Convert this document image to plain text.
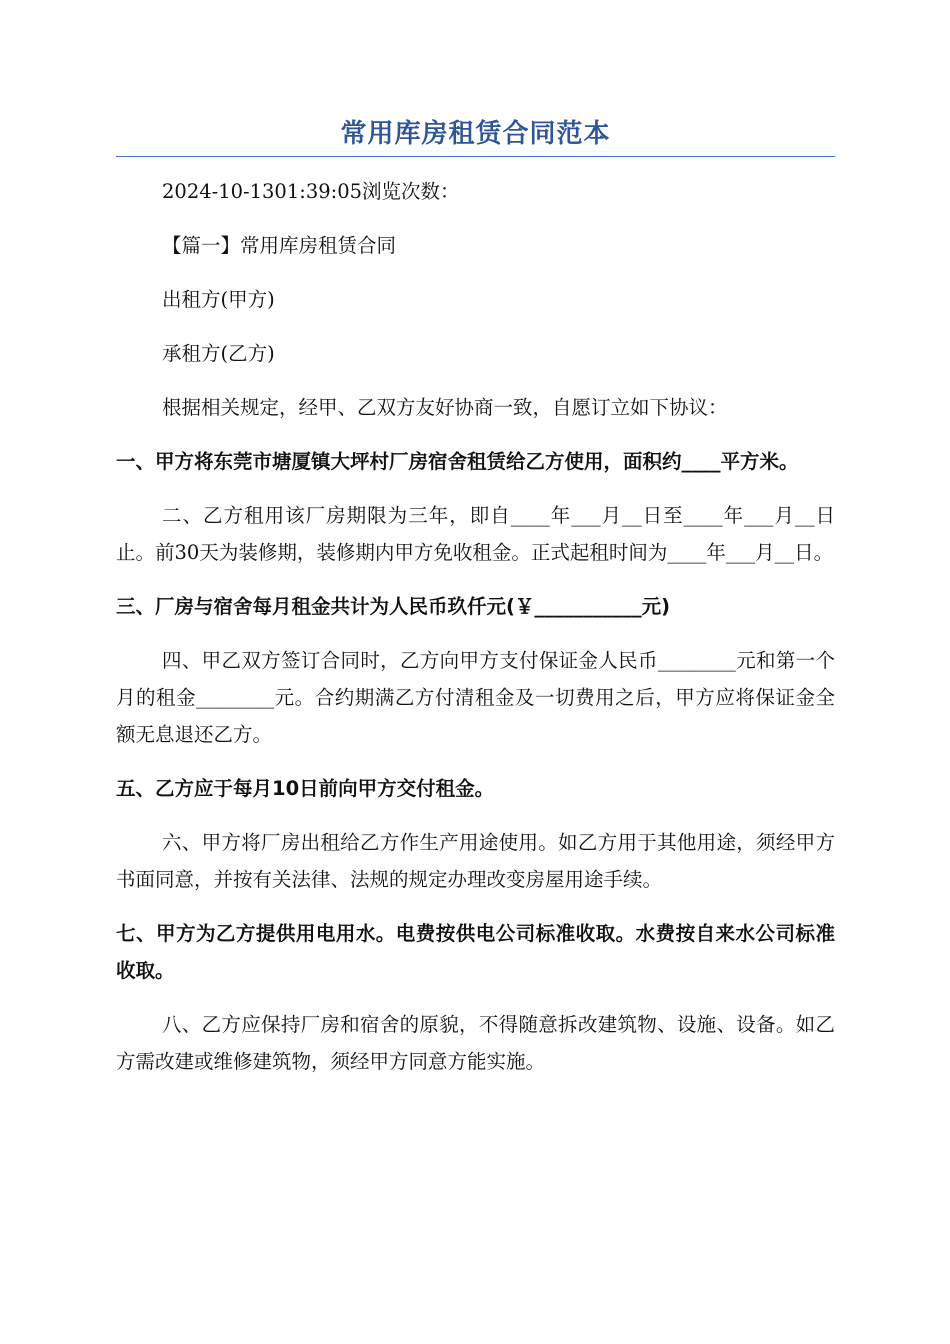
常用库房租赁合同范本

2024-10-1301:39:05浏览次数：

【篇一】常用库房租赁合同

出租方(甲方)

承租方(乙方)

根据相关规定，经甲、乙双方友好协商一致，自愿订立如下协议：

一、甲方将东莞市塘厦镇大坪村厂房宿舍租赁给乙方使用，面积约____平方米。

二、乙方租用该厂房期限为三年，即自____年___月__日至____年___月__日止。前30天为装修期，装修期内甲方免收租金。正式起租时间为____年___月__日。

三、厂房与宿舍每月租金共计为人民币玖仟元(￥___________元)

四、甲乙双方签订合同时，乙方向甲方支付保证金人民币________元和第一个月的租金________元。合约期满乙方付清租金及一切费用之后，甲方应将保证金全额无息退还乙方。

五、乙方应于每月10日前向甲方交付租金。

六、甲方将厂房出租给乙方作生产用途使用。如乙方用于其他用途，须经甲方书面同意，并按有关法律、法规的规定办理改变房屋用途手续。

七、甲方为乙方提供用电用水。电费按供电公司标准收取。水费按自来水公司标准收取。

八、乙方应保持厂房和宿舍的原貌，不得随意拆改建筑物、设施、设备。如乙方需改建或维修建筑物，须经甲方同意方能实施。
